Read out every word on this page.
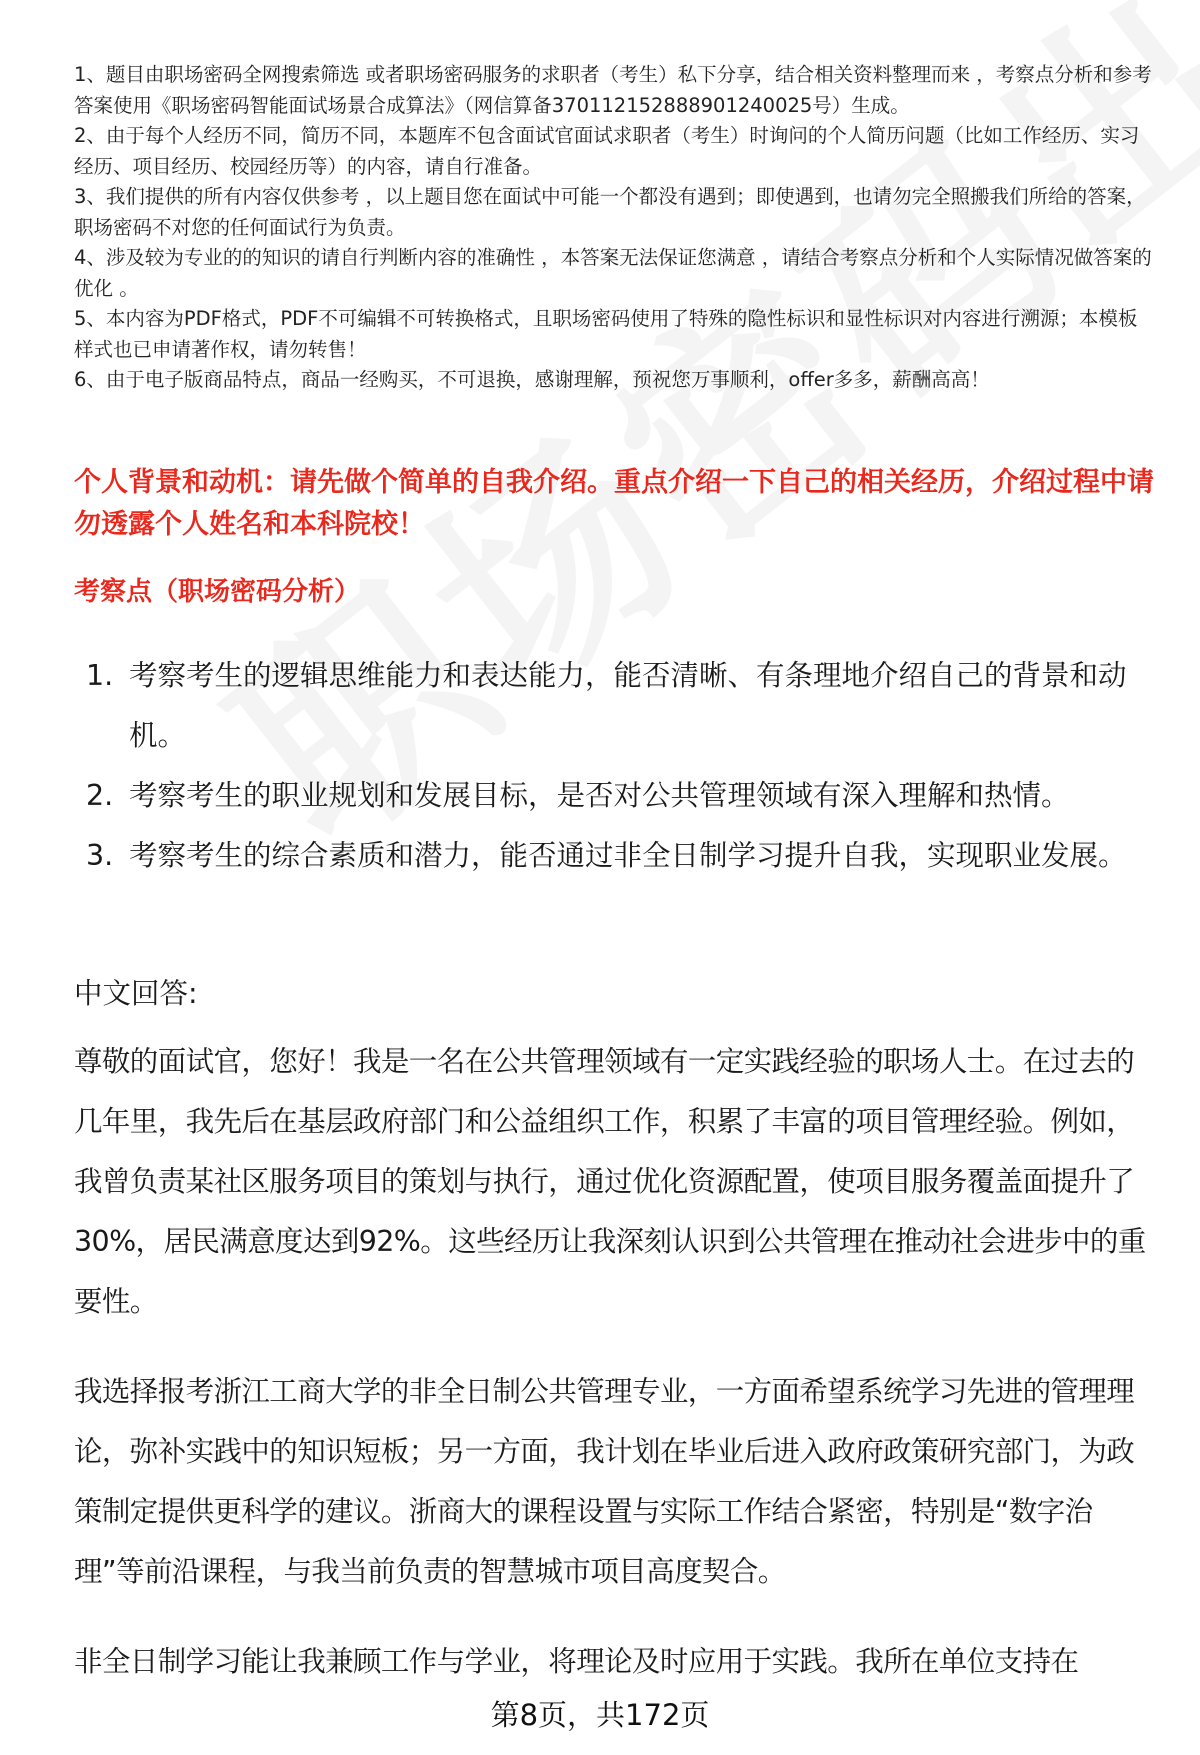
1、题目由职场密码全网搜索筛选 或者职场密码服务的求职者（考生）私下分享，结合相关资料整理而来 ，考察点分析和参考答案使用《职场密码智能面试场景合成算法》（网信算备370112152888901240025号）生成。
2、由于每个人经历不同，简历不同，本题库不包含面试官面试求职者（考生）时询问的个人简历问题（比如工作经历、实习经历、项目经历、校园经历等）的内容，请自行准备。
3、我们提供的所有内容仅供参考 ，以上题目您在面试中可能一个都没有遇到；即使遇到，也请勿完全照搬我们所给的答案，职场密码不对您的任何面试行为负责。
4、涉及较为专业的的知识的请自行判断内容的准确性 ，本答案无法保证您满意 ，请结合考察点分析和个人实际情况做答案的优化 。
5、本内容为PDF格式，PDF不可编辑不可转换格式，且职场密码使用了特殊的隐性标识和显性标识对内容进行溯源；本模板样式也已申请著作权，请勿转售！
6、由于电子版商品特点，商品一经购买，不可退换，感谢理解，预祝您万事顺利，offer多多，薪酬高高！

个人背景和动机：请先做个简单的自我介绍。重点介绍一下自己的相关经历，介绍过程中请勿透露个人姓名和本科院校！

考察点（职场密码分析）

1. 考察考生的逻辑思维能力和表达能力，能否清晰、有条理地介绍自己的背景和动机。
2. 考察考生的职业规划和发展目标，是否对公共管理领域有深入理解和热情。
3. 考察考生的综合素质和潜力，能否通过非全日制学习提升自我，实现职业发展。

中文回答:

尊敬的面试官，您好！我是一名在公共管理领域有一定实践经验的职场人士。在过去的几年里，我先后在基层政府部门和公益组织工作，积累了丰富的项目管理经验。例如，我曾负责某社区服务项目的策划与执行，通过优化资源配置，使项目服务覆盖面提升了30%，居民满意度达到92%。这些经历让我深刻认识到公共管理在推动社会进步中的重要性。

我选择报考浙江工商大学的非全日制公共管理专业，一方面希望系统学习先进的管理理论，弥补实践中的知识短板；另一方面，我计划在毕业后进入政府政策研究部门，为政策制定提供更科学的建议。浙商大的课程设置与实际工作结合紧密，特别是“数字治理”等前沿课程，与我当前负责的智慧城市项目高度契合。

非全日制学习能让我兼顾工作与学业，将理论及时应用于实践。我所在单位支持在

第8页，共172页
